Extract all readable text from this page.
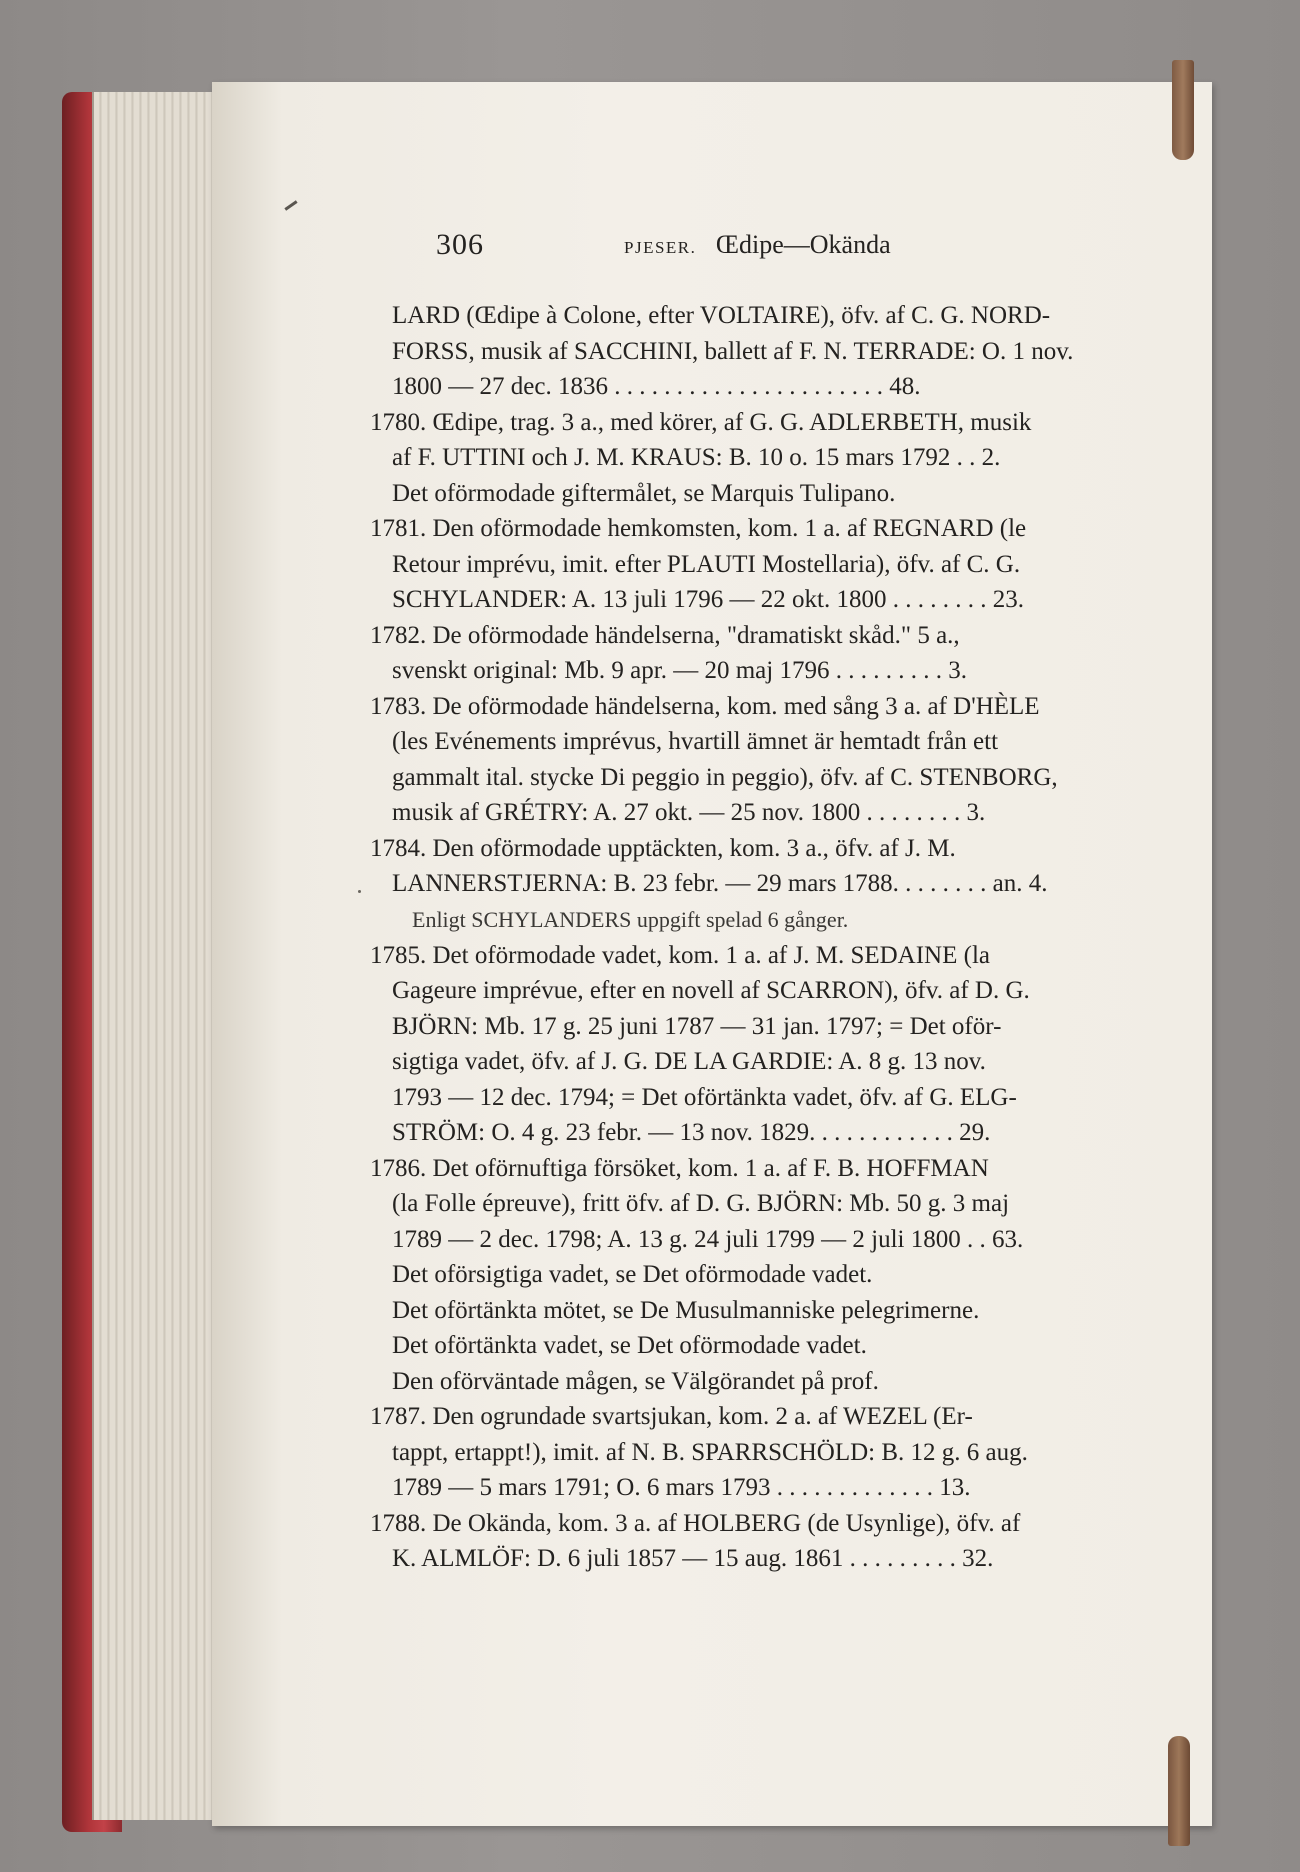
306	PJESER. Œdipe—Okända
LARD (Œdipe à Colone, efter VOLTAIRE), öfv. af C. G. NORD-
FORSS, musik af SACCHINI, ballett af F. N. TERRADE: O. 1 nov.
1800 — 27 dec. 1836 . . . . . . . . . . . . . . . . . . . . . . 48.
1780. Œdipe, trag. 3 a., med körer, af G. G. ADLERBETH, musik
af F. UTTINI och J. M. KRAUS: B. 10 o. 15 mars 1792 . . 2.
Det oförmodade giftermålet, se Marquis Tulipano.
1781. Den oförmodade hemkomsten, kom. 1 a. af REGNARD (le
Retour imprévu, imit. efter PLAUTI Mostellaria), öfv. af C. G.
SCHYLANDER: A. 13 juli 1796 — 22 okt. 1800 . . . . . . . . 23.
1782. De oförmodade händelserna, "dramatiskt skåd." 5 a.,
svenskt original: Mb. 9 apr. — 20 maj 1796 . . . . . . . . . 3.
1783. De oförmodade händelserna, kom. med sång 3 a. af D'HÈLE
(les Evénements imprévus, hvartill ämnet är hemtadt från ett
gammalt ital. stycke Di peggio in peggio), öfv. af C. STENBORG,
musik af GRÉTRY: A. 27 okt. — 25 nov. 1800 . . . . . . . . 3.
1784. Den oförmodade upptäckten, kom. 3 a., öfv. af J. M.
LANNERSTJERNA: B. 23 febr. — 29 mars 1788. . . . . . . . an. 4.
Enligt SCHYLANDERS uppgift spelad 6 gånger.
1785. Det oförmodade vadet, kom. 1 a. af J. M. SEDAINE (la
Gageure imprévue, efter en novell af SCARRON), öfv. af D. G.
BJÖRN: Mb. 17 g. 25 juni 1787 — 31 jan. 1797; = Det oför-
sigtiga vadet, öfv. af J. G. DE LA GARDIE: A. 8 g. 13 nov.
1793 — 12 dec. 1794; = Det oförtänkta vadet, öfv. af G. ELG-
STRÖM: O. 4 g. 23 febr. — 13 nov. 1829. . . . . . . . . . . . 29.
1786. Det oförnuftiga försöket, kom. 1 a. af F. B. HOFFMAN
(la Folle épreuve), fritt öfv. af D. G. BJÖRN: Mb. 50 g. 3 maj
1789 — 2 dec. 1798; A. 13 g. 24 juli 1799 — 2 juli 1800 . . 63.
Det oförsigtiga vadet, se Det oförmodade vadet.
Det oförtänkta mötet, se De Musulmanniske pelegrimerne.
Det oförtänkta vadet, se Det oförmodade vadet.
Den oförväntade mågen, se Välgörandet på prof.
1787. Den ogrundade svartsjukan, kom. 2 a. af WEZEL (Er-
tappt, ertappt!), imit. af N. B. SPARRSCHÖLD: B. 12 g. 6 aug.
1789 — 5 mars 1791; O. 6 mars 1793 . . . . . . . . . . . . . 13.
1788. De Okända, kom. 3 a. af HOLBERG (de Usynlige), öfv. af
K. ALMLÖF: D. 6 juli 1857 — 15 aug. 1861 . . . . . . . . . 32.
